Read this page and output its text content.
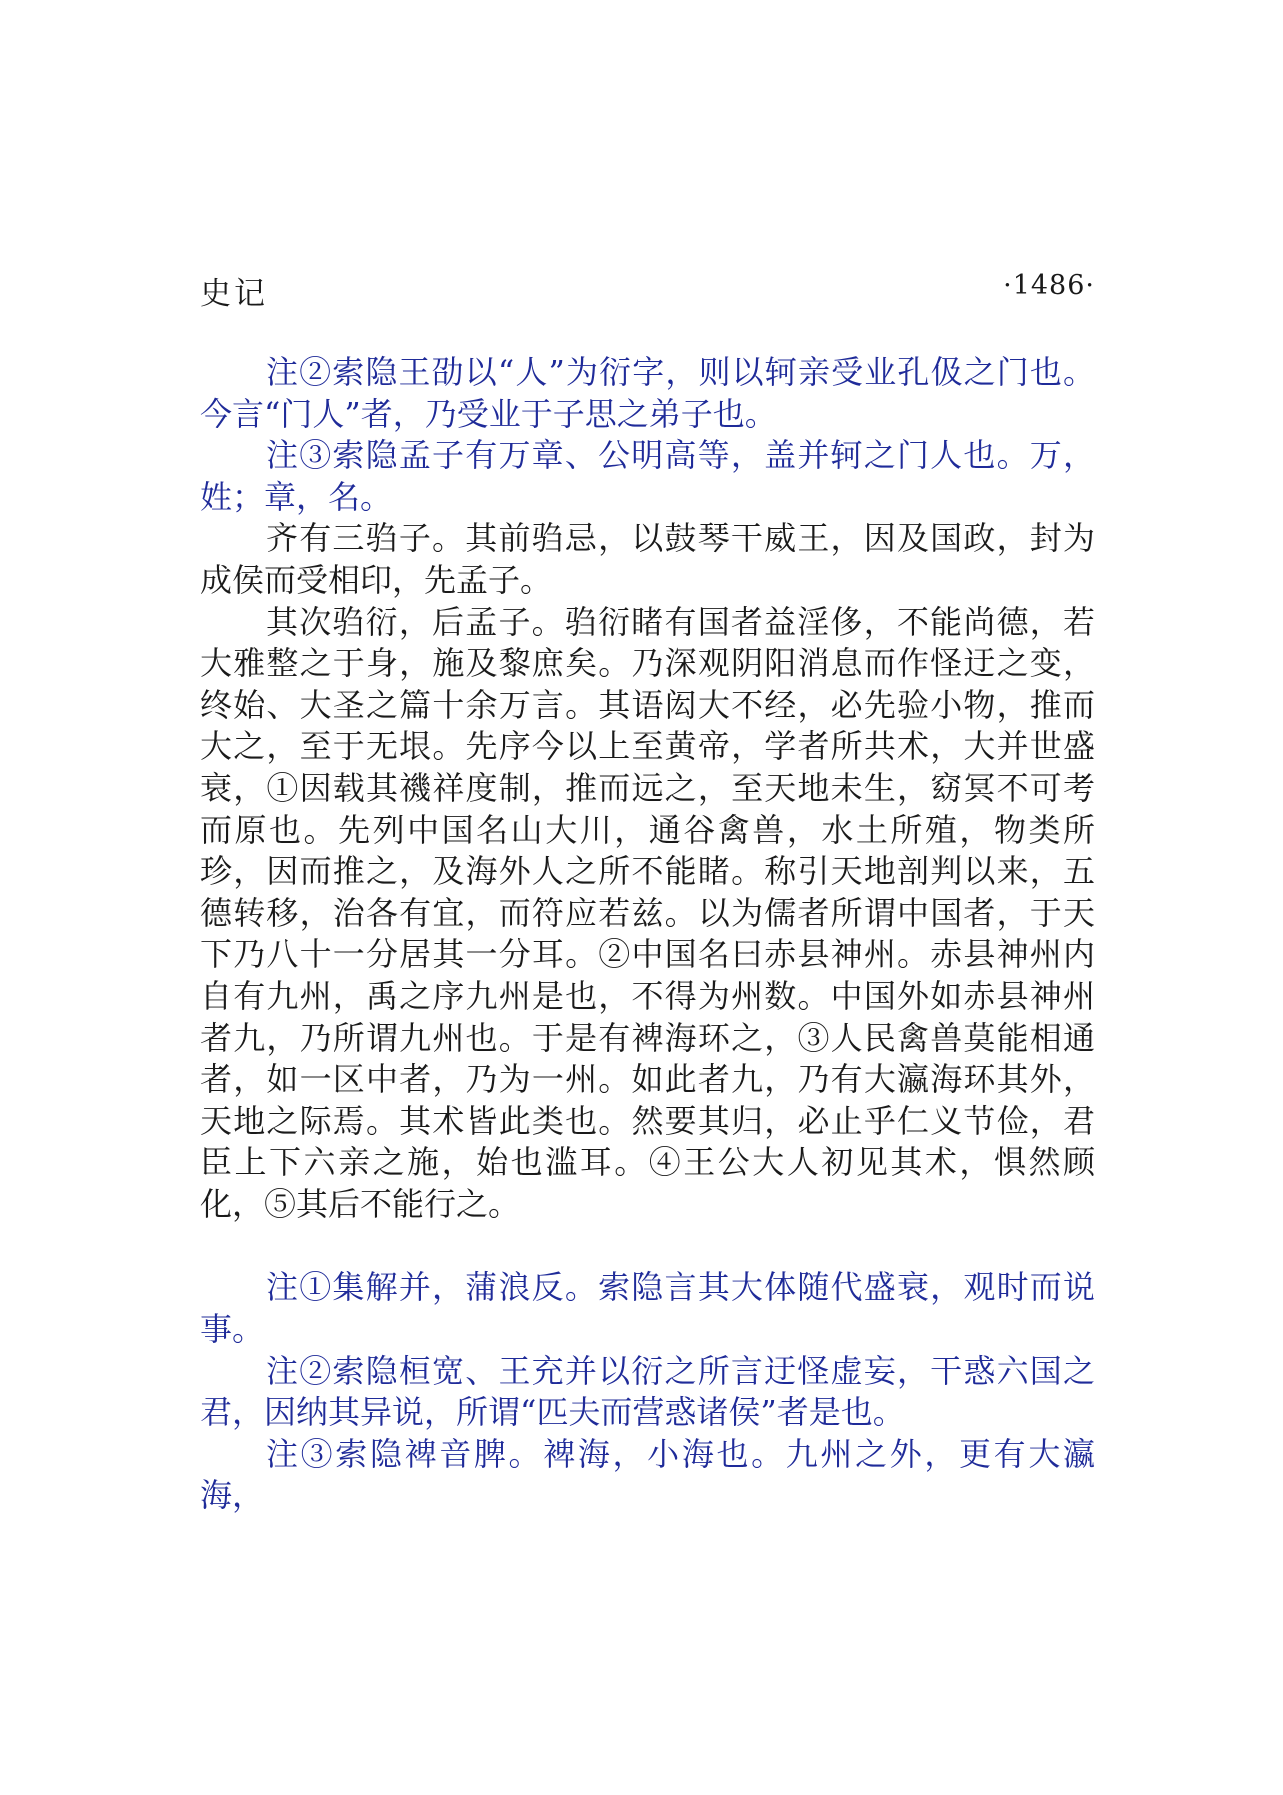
史记	·1486·

注②索隐王劭以“人”为衍字，则以轲亲受业孔伋之门也。今言“门人”者，乃受业于子思之弟子也。

注③索隐孟子有万章、公明高等，盖并轲之门人也。万，姓；章，名。

齐有三驺子。其前驺忌，以鼓琴干威王，因及国政，封为成侯而受相印，先孟子。

其次驺衍，后孟子。驺衍睹有国者益淫侈，不能尚德，若大雅整之于身，施及黎庶矣。乃深观阴阳消息而作怪迂之变，终始、大圣之篇十余万言。其语闳大不经，必先验小物，推而大之，至于无垠。先序今以上至黄帝，学者所共术，大并世盛衰，①因载其禨祥度制，推而远之，至天地未生，窈冥不可考而原也。先列中国名山大川，通谷禽兽，水土所殖，物类所珍，因而推之，及海外人之所不能睹。称引天地剖判以来，五德转移，治各有宜，而符应若兹。以为儒者所谓中国者，于天下乃八十一分居其一分耳。②中国名曰赤县神州。赤县神州内自有九州，禹之序九州是也，不得为州数。中国外如赤县神州者九，乃所谓九州也。于是有裨海环之，③人民禽兽莫能相通者，如一区中者，乃为一州。如此者九，乃有大瀛海环其外，天地之际焉。其术皆此类也。然要其归，必止乎仁义节俭，君臣上下六亲之施，始也滥耳。④王公大人初见其术，惧然顾化，⑤其后不能行之。

注①集解并，蒲浪反。索隐言其大体随代盛衰，观时而说事。

注②索隐桓宽、王充并以衍之所言迂怪虚妄，干惑六国之君，因纳其异说，所谓“匹夫而营惑诸侯”者是也。

注③索隐裨音脾。裨海，小海也。九州之外，更有大瀛海，
